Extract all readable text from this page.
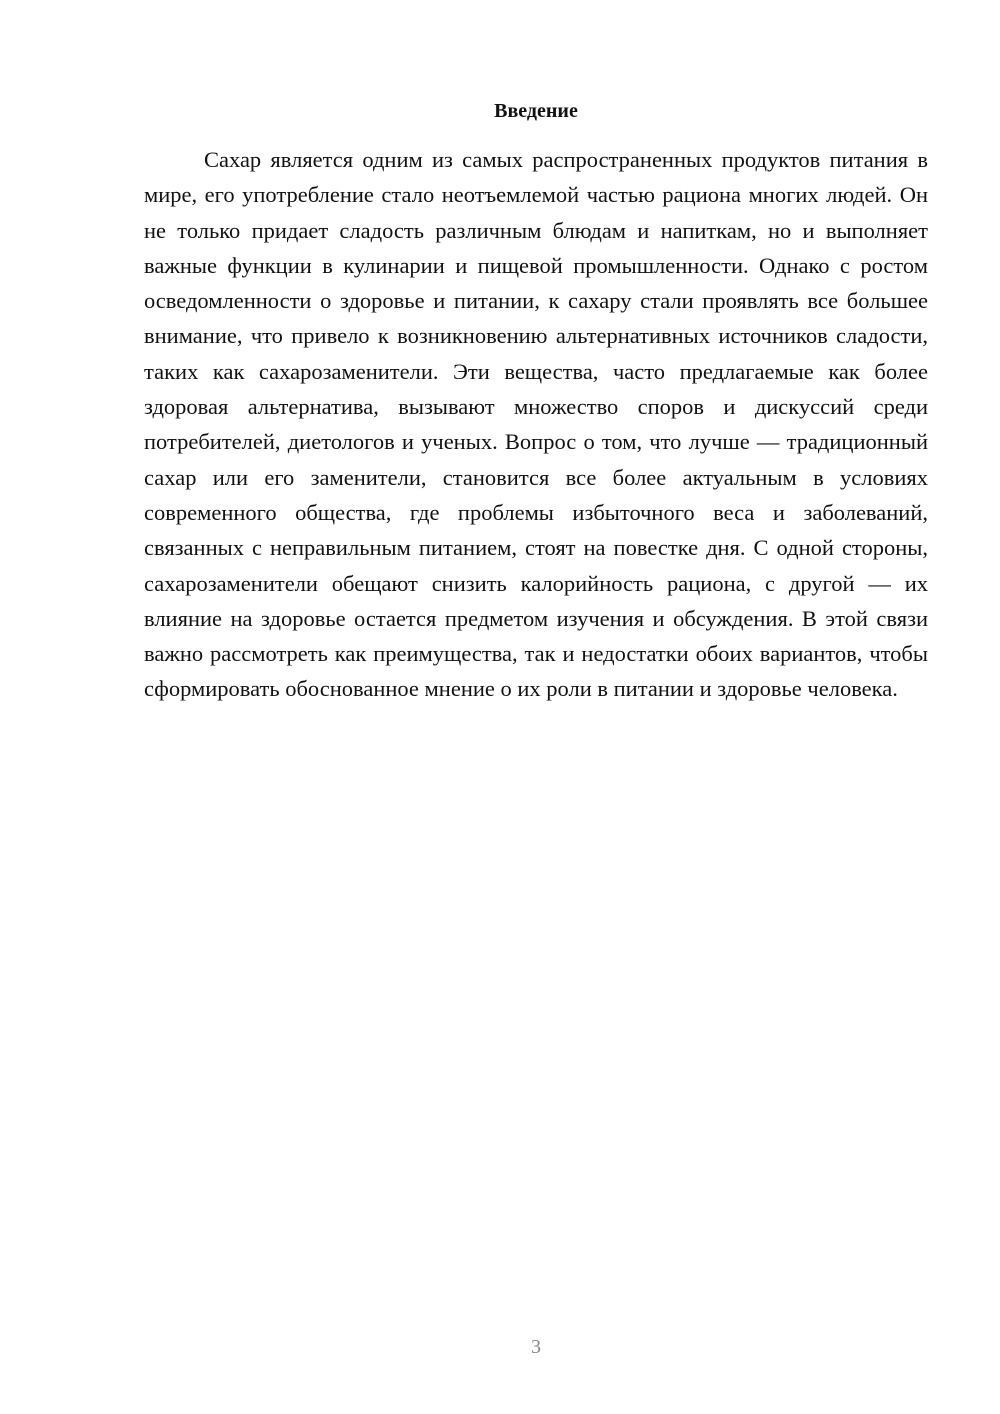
Введение

Сахар является одним из самых распространенных продуктов питания в мире, его употребление стало неотъемлемой частью рациона многих людей. Он не только придает сладость различным блюдам и напиткам, но и выполняет важные функции в кулинарии и пищевой промышленности. Однако с ростом осведомленности о здоровье и питании, к сахару стали проявлять все большее внимание, что привело к возникновению альтернативных источников сладости, таких как сахарозаменители. Эти вещества, часто предлагаемые как более здоровая альтернатива, вызывают множество споров и дискуссий среди потребителей, диетологов и ученых. Вопрос о том, что лучше — традиционный сахар или его заменители, становится все более актуальным в условиях современного общества, где проблемы избыточного веса и заболеваний, связанных с неправильным питанием, стоят на повестке дня. С одной стороны, сахарозаменители обещают снизить калорийность рациона, с другой — их влияние на здоровье остается предметом изучения и обсуждения. В этой связи важно рассмотреть как преимущества, так и недостатки обоих вариантов, чтобы сформировать обоснованное мнение о их роли в питании и здоровье человека.

3
